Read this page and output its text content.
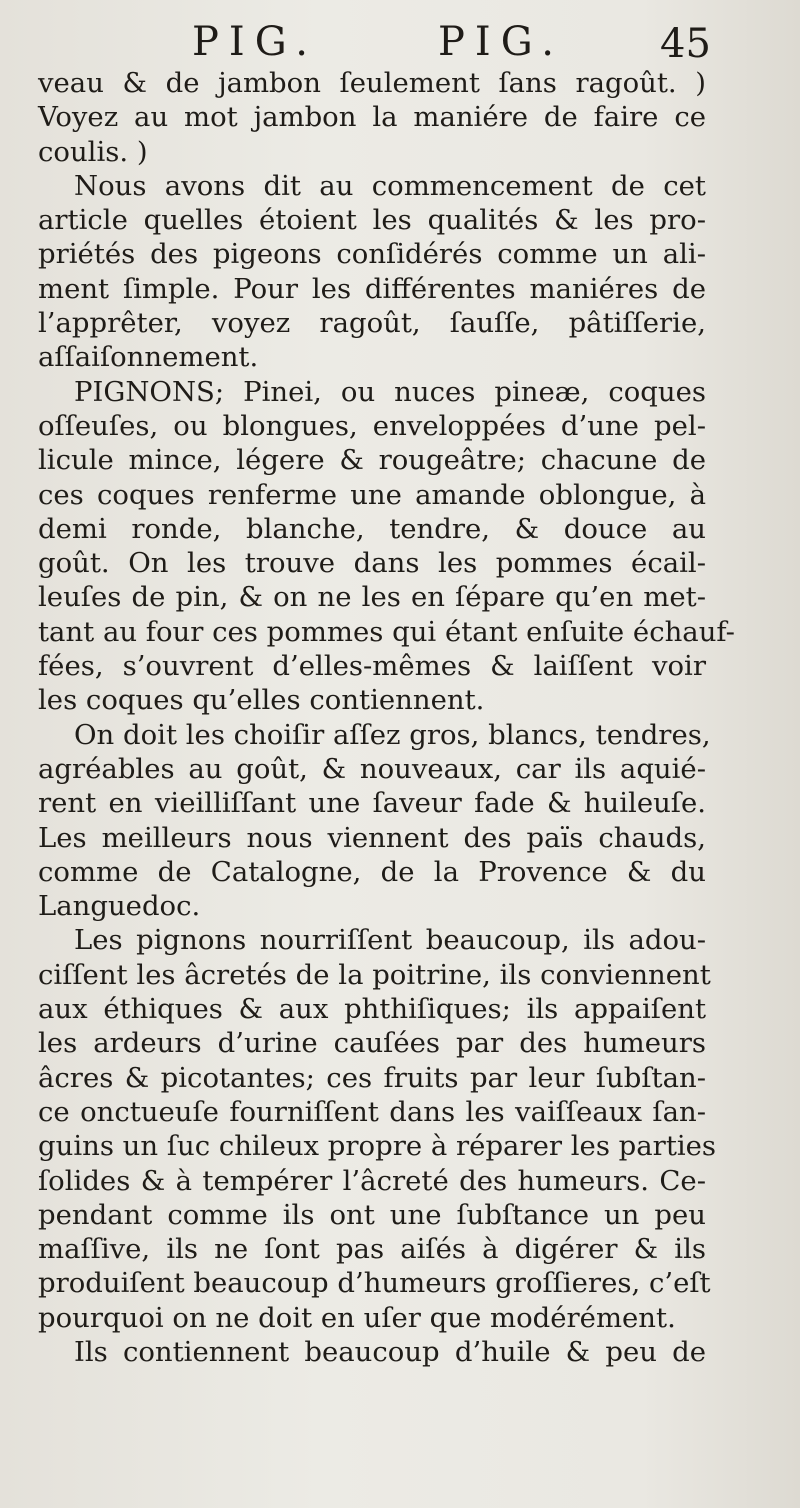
PIG.	PIG. 45
veau & de jambon ſeulement ſans ragoût. )
Voyez au mot jambon la maniére de faire ce
coulis. )
Nous avons dit au commencement de cet
article quelles étoient les qualités & les pro-
priétés des pigeons conſidérés comme un ali-
ment ſimple. Pour les différentes maniéres de
l’apprêter, voyez ragoût, ſauſſe, pâtiſſerie,
aſſaiſonnement.
PIGNONS; Pinei, ou nuces pineæ, coques
oſſeuſes, ou blongues, enveloppées d’une pel-
licule mince, légere & rougeâtre; chacune de
ces coques renferme une amande oblongue, à
demi ronde, blanche, tendre, & douce au
goût. On les trouve dans les pommes écail-
leuſes de pin, & on ne les en ſépare qu’en met-
tant au four ces pommes qui étant enſuite échauf-
fées, s’ouvrent d’elles-mêmes & laiſſent voir
les coques qu’elles contiennent.
On doit les choiſir aſſez gros, blancs, tendres,
agréables au goût, & nouveaux, car ils aquié-
rent en vieilliſſant une ſaveur fade & huileuſe.
Les meilleurs nous viennent des païs chauds,
comme de Catalogne, de la Provence & du
Languedoc.
Les pignons nourriſſent beaucoup, ils adou-
ciſſent les âcretés de la poitrine, ils conviennent
aux éthiques & aux phthiſiques; ils appaiſent
les ardeurs d’urine cauſées par des humeurs
âcres & picotantes; ces fruits par leur ſubſtan-
ce onctueuſe fourniſſent dans les vaiſſeaux ſan-
guins un ſuc chileux propre à réparer les parties
ſolides & à tempérer l’âcreté des humeurs. Ce-
pendant comme ils ont une ſubſtance un peu
maſſive, ils ne ſont pas aiſés à digérer & ils
produiſent beaucoup d’humeurs groſſieres, c’eſt
pourquoi on ne doit en uſer que modérément.
Ils contiennent beaucoup d’huile & peu de
